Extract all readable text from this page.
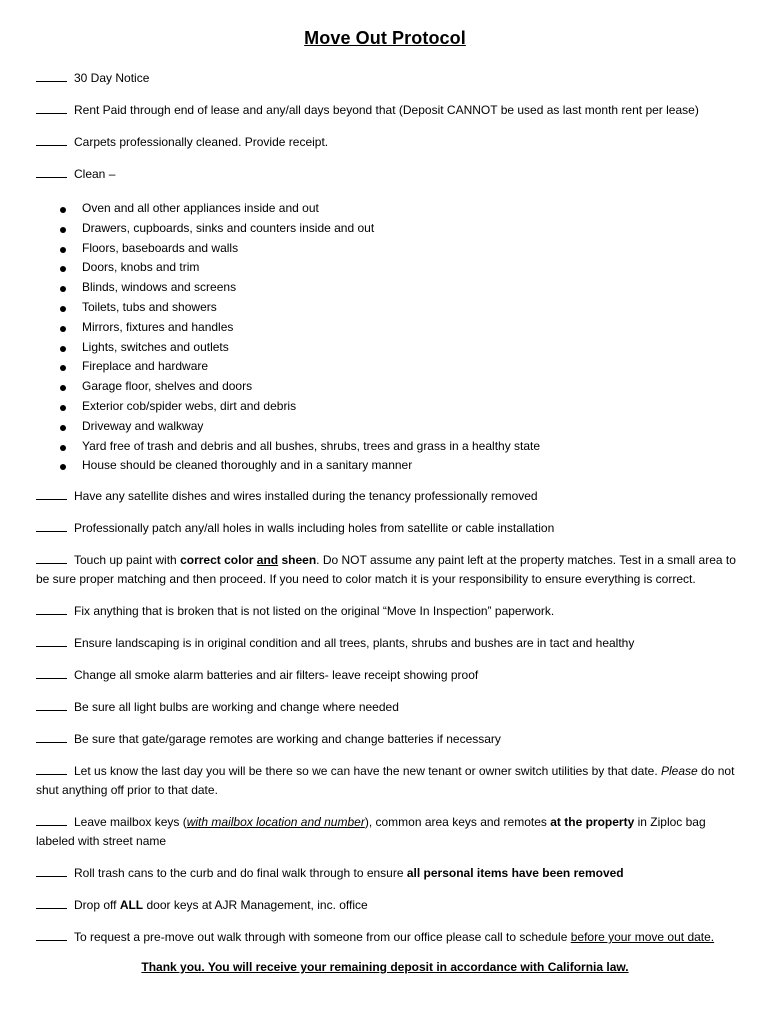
Move Out Protocol
30 Day Notice
Rent Paid through end of lease and any/all days beyond that (Deposit CANNOT be used as last month rent per lease)
Carpets professionally cleaned. Provide receipt.
Clean –
Oven and all other appliances inside and out
Drawers, cupboards, sinks and counters inside and out
Floors, baseboards and walls
Doors, knobs and trim
Blinds, windows and screens
Toilets, tubs and showers
Mirrors, fixtures and handles
Lights, switches and outlets
Fireplace and hardware
Garage floor, shelves and doors
Exterior cob/spider webs, dirt and debris
Driveway and walkway
Yard free of trash and debris and all bushes, shrubs, trees and grass in a healthy state
House should be cleaned thoroughly and in a sanitary manner
Have any satellite dishes and wires installed during the tenancy professionally removed
Professionally patch any/all holes in walls including holes from satellite or cable installation
Touch up paint with correct color and sheen. Do NOT assume any paint left at the property matches. Test in a small area to be sure proper matching and then proceed. If you need to color match it is your responsibility to ensure everything is correct.
Fix anything that is broken that is not listed on the original “Move In Inspection” paperwork.
Ensure landscaping is in original condition and all trees, plants, shrubs and bushes are in tact and healthy
Change all smoke alarm batteries and air filters- leave receipt showing proof
Be sure all light bulbs are working and change where needed
Be sure that gate/garage remotes are working and change batteries if necessary
Let us know the last day you will be there so we can have the new tenant or owner switch utilities by that date. Please do not shut anything off prior to that date.
Leave mailbox keys (with mailbox location and number), common area keys and remotes at the property in Ziploc bag labeled with street name
Roll trash cans to the curb and do final walk through to ensure all personal items have been removed
Drop off ALL door keys at AJR Management, inc. office
To request a pre-move out walk through with someone from our office please call to schedule before your move out date.
Thank you. You will receive your remaining deposit in accordance with California law.
